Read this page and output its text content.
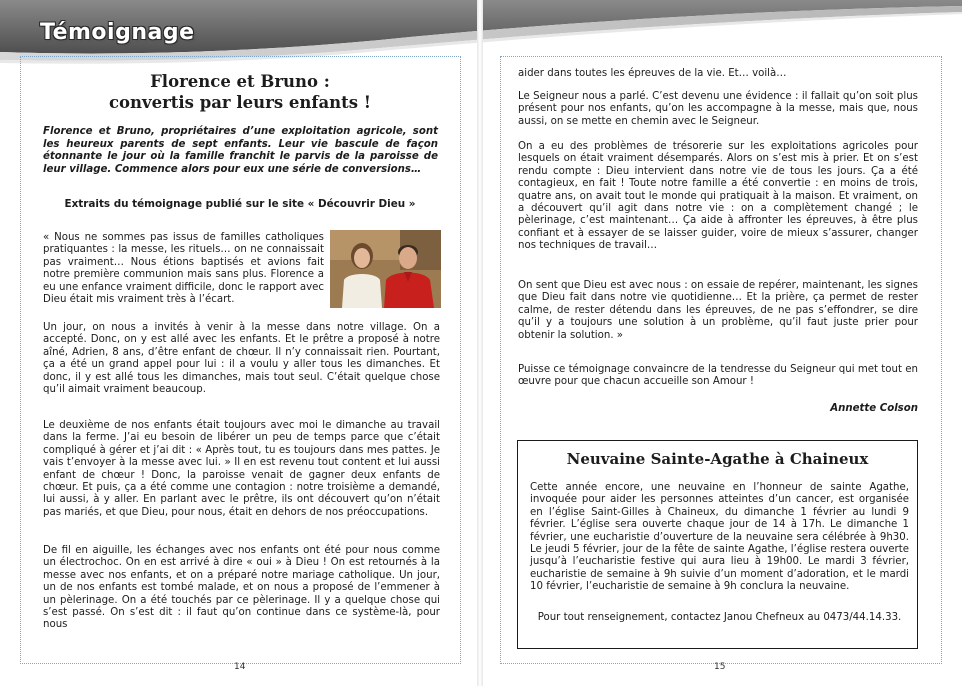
Témoignage
Florence et Bruno :
convertis par leurs enfants !
Florence et Bruno, propriétaires d’une exploitation agricole, sont les heureux parents de sept enfants. Leur vie bascule de façon étonnante le jour où la famille franchit le parvis de la paroisse de leur village. Commence alors pour eux une série de conversions…
Extraits du témoignage publié sur le site « Découvrir Dieu »
« Nous ne sommes pas issus de familles catholiques pratiquantes : la messe, les rituels… on ne connaissait pas vraiment… Nous étions baptisés et avions fait notre première communion mais sans plus. Florence a eu une enfance vraiment difficile, donc le rapport avec Dieu était mis vraiment très à l’écart.
Un jour, on nous a invités à venir à la messe dans notre village. On a accepté. Donc, on y est allé avec les enfants. Et le prêtre a proposé à notre aîné, Adrien, 8 ans, d’être enfant de chœur. Il n’y connaissait rien. Pourtant, ça a été un grand appel pour lui : il a voulu y aller tous les dimanches. Et donc, il y est allé tous les dimanches, mais tout seul. C’était quelque chose qu’il aimait vraiment beaucoup.
Le deuxième de nos enfants était toujours avec moi le dimanche au travail dans la ferme. J’ai eu besoin de libérer un peu de temps parce que c’était compliqué à gérer et j’ai dit : « Après tout, tu es toujours dans mes pattes. Je vais t’envoyer à la messe avec lui. » Il en est revenu tout content et lui aussi enfant de chœur ! Donc, la paroisse venait de gagner deux enfants de chœur. Et puis, ça a été comme une contagion : notre troisième a demandé, lui aussi, à y aller. En parlant avec le prêtre, ils ont découvert qu’on n’était pas mariés, et que Dieu, pour nous, était en dehors de nos préoccupations.
De fil en aiguille, les échanges avec nos enfants ont été pour nous comme un électrochoc. On en est arrivé à dire « oui » à Dieu ! On est retournés à la messe avec nos enfants, et on a préparé notre mariage catholique. Un jour, un de nos enfants est tombé malade, et on nous a proposé de l’emmener à un pèlerinage. On a été touchés par ce pèlerinage. Il y a quelque chose qui s’est passé. On s’est dit : il faut qu’on continue dans ce système-là, pour nous
14
aider dans toutes les épreuves de la vie. Et… voilà…
Le Seigneur nous a parlé. C’est devenu une évidence : il fallait qu’on soit plus présent pour nos enfants, qu’on les accompagne à la messe, mais que, nous aussi, on se mette en chemin avec le Seigneur.
On a eu des problèmes de trésorerie sur les exploitations agricoles pour lesquels on était vraiment désemparés. Alors on s’est mis à prier. Et on s’est rendu compte : Dieu intervient dans notre vie de tous les jours. Ça a été contagieux, en fait ! Toute notre famille a été convertie : en moins de trois, quatre ans, on avait tout le monde qui pratiquait à la maison. Et vraiment, on a découvert qu’il agit dans notre vie : on a complètement changé ; le pèlerinage, c’est maintenant… Ça aide à affronter les épreuves, à être plus confiant et à essayer de se laisser guider, voire de mieux s’assurer, changer nos techniques de travail…
On sent que Dieu est avec nous : on essaie de repérer, maintenant, les signes que Dieu fait dans notre vie quotidienne… Et la prière, ça permet de rester calme, de rester détendu dans les épreuves, de ne pas s’effondrer, se dire qu’il y a toujours une solution à un problème, qu’il faut juste prier pour obtenir la solution. »
Puisse ce témoignage convaincre de la tendresse du Seigneur qui met tout en œuvre pour que chacun accueille son Amour !
Annette Colson
Neuvaine Sainte-Agathe à Chaineux
Cette année encore, une neuvaine en l’honneur de sainte Agathe, invoquée pour aider les personnes atteintes d’un cancer, est organisée en l’église Saint-Gilles à Chaineux, du dimanche 1 février au lundi 9 février. L’église sera ouverte chaque jour de 14 à 17h. Le dimanche 1 février, une eucharistie d’ouverture de la neuvaine sera célébrée à 9h30. Le jeudi 5 février, jour de la fête de sainte Agathe, l’église restera ouverte jusqu’à l’eucharistie festive qui aura lieu à 19h00. Le mardi 3 février, eucharistie de semaine à 9h suivie d’un moment d’adoration, et le mardi 10 février, l’eucharistie de semaine à 9h conclura la neuvaine.
Pour tout renseignement, contactez Janou Chefneux au 0473/44.14.33.
15
